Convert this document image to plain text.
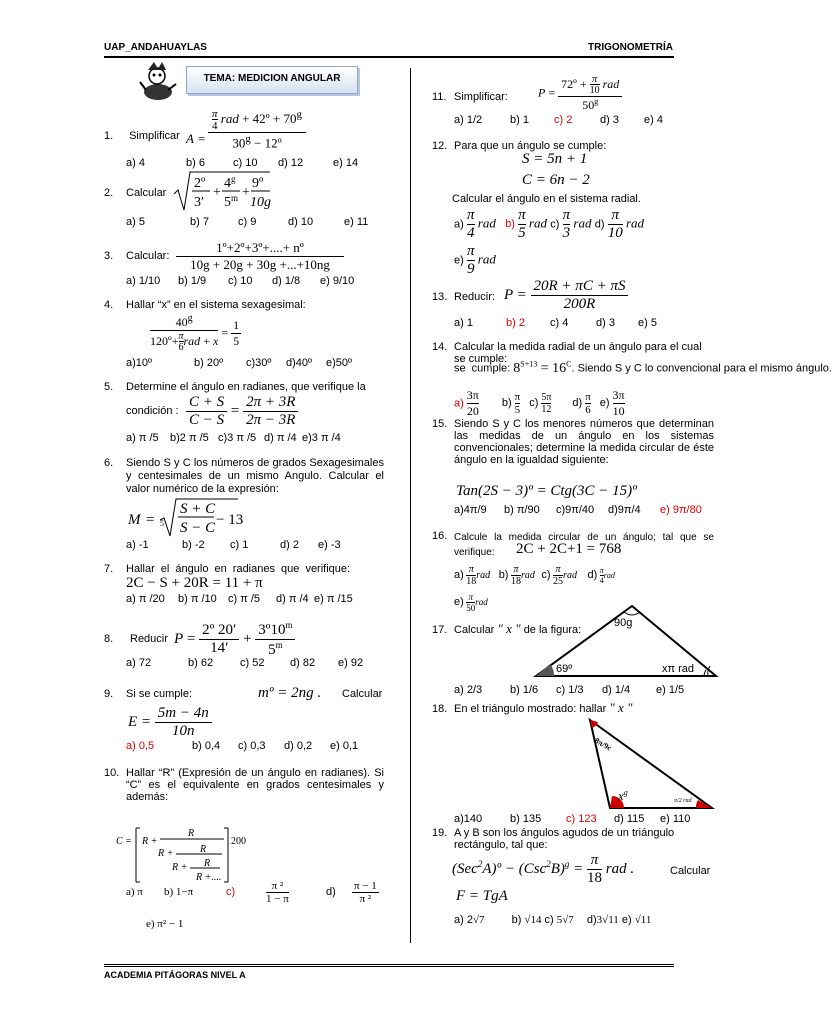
UAP_ANDAHUAYLAS	TRIGONOMETRÍA
TEMA: MEDICION ANGULAR
1. Simplificar A =
$\frac{\pi}{4}$ rad + 42º + $70^g$
$30^g$ − 12º
a) 4	b) 6	c) 10 d) 12	e) 14
2. Calcular
2º
3′
+
$4^g$
$5^m$ +
9º
10g
a) 5	b) 7	c) 9	d) 10	e) 11
3. Calcular: $\frac{\text{1º+2º+3º+....+ nº}}{10g + 20g + 30g +...+10ng}$
a) 1/10 b) 1/9 c) 10 d) 1/8 e) 9/10
4. Hallar “x” en el sistema sexagesimal:
40$^g$
$120º+\frac{\pi}{6}rad + x$
= $\frac{1}{5}$
a)10º	b) 20º c)30º d)40º e)50º
5. Determine el ángulo en radianes, que verifique la
condición : $\frac{C + S}{C - S} = \frac{2\pi + 3R}{2\pi - 3R}$
a) π /5 b)2 π /5 c)3 π /5 d) π /4 e)3 π /4
6. Siendo S y C los números de grados Sexagesimales y centesimales de un mismo Angulo. Calcular el valor numérico de la expresión:
M = 5
S + C
S − C − 13
a) -1	b) -2 c) 1	d) 2 e) -3
7. Hallar el ángulo en radianes que verifique:
2C − S + 20R = 11 + π
a) π /20 b) π /10 c) π /5 d) π /4 e) π /15
8. Reducir $P = \frac{\text{2º 20′}}{14'} + \frac{3º10^m}{5^m}$
a) 72	b) 62 c) 52 d) 82 e) 92
9. Si se cumple:	mº = 2ng . Calcular
$E = \frac{5m - 4n}{10n}$
a) 0,5	b) 0,4 c) 0,3 d) 0,2 e) 0,1
10. Hallar “R” (Expresión de un ángulo en radianes). Si “C” es el equivalente en grados centesimales y además:
C = R +
R
R +	R
R + R
R +....
200
a) π b) 1−π	c)	π ²
1 − π
d) π − 1
π ²
e) π² − 1
11. Simplificar:	P =
72º + $\frac{\pi}{10}$ rad
50$^g$
a) 1/2	b) 1 c) 2	d) 3 e) 4
12. Para que un ángulo se cumple:
S = 5n + 1
C = 6n − 2
Calcular el ángulo en el sistema radial.
$a) \frac{\pi}{4}$ rad $b) \frac{\pi}{5}$ rad $c) \frac{\pi}{3}$ rad $d) \frac{\pi}{10}$ rad
$e) \frac{\pi}{9}$ rad
13. Reducir: $P = \frac{20R + \pi C + \pi S}{200R}$
a) 1	b) 2 c) 4	d) 3 e) 5
14. Calcular la medida radial de un ángulo para el cual se cumple:
se cumple: $8^{S+13} = 16^C$. Siendo S y C lo convencional para el mismo ángulo.
$a) \frac{3\pi}{20} b) \frac{\pi}{5} c) \frac{5\pi}{12} d) \frac{\pi}{6} e) \frac{3\pi}{10}$
15. Siendo S y C los menores números que determinan las medidas de un ángulo en los sistemas convencionales; determine la medida circular de éste ángulo en la igualdad siguiente:
Tan(2S − 3)º = Ctg(3C − 15)º
a)4π/9 b) π/90 c)9π/40 d)9π/4 e) 9π/80
16. Calcule la medida circular de un ángulo; tal que se verifique:	2C + 2C+1 = 768
$a) \frac{\pi}{18}$ rad $b) \frac{\pi}{18}$ rad $c) \frac{\pi}{25}$ rad $d) \frac{\pi}{4}$ rad
$e) \frac{\pi}{50}$ rad
17. Calcular " x " de la figura:
90g
69º	xπ rad
a) 2/3	b) 1/6 c) 1/3 d) 1/4 e) 1/5
18. En el triángulo mostrado: hallar " x "
8π/9c
$x^g$
π/2 rad
a)140	b) 135 c) 123 d) 115 e) 110
19. A y B son los ángulos agudos de un triángulo rectángulo, tal que:
(Sec$^2$A)º − $(Csc^2B)^g = \frac{\pi}{18}$ rad .	Calcular
F = TgA
a) 2√7 b) √14 c) 5√7 d)3√11 e) √11
ACADEMIA PITÁGORAS NIVEL A
